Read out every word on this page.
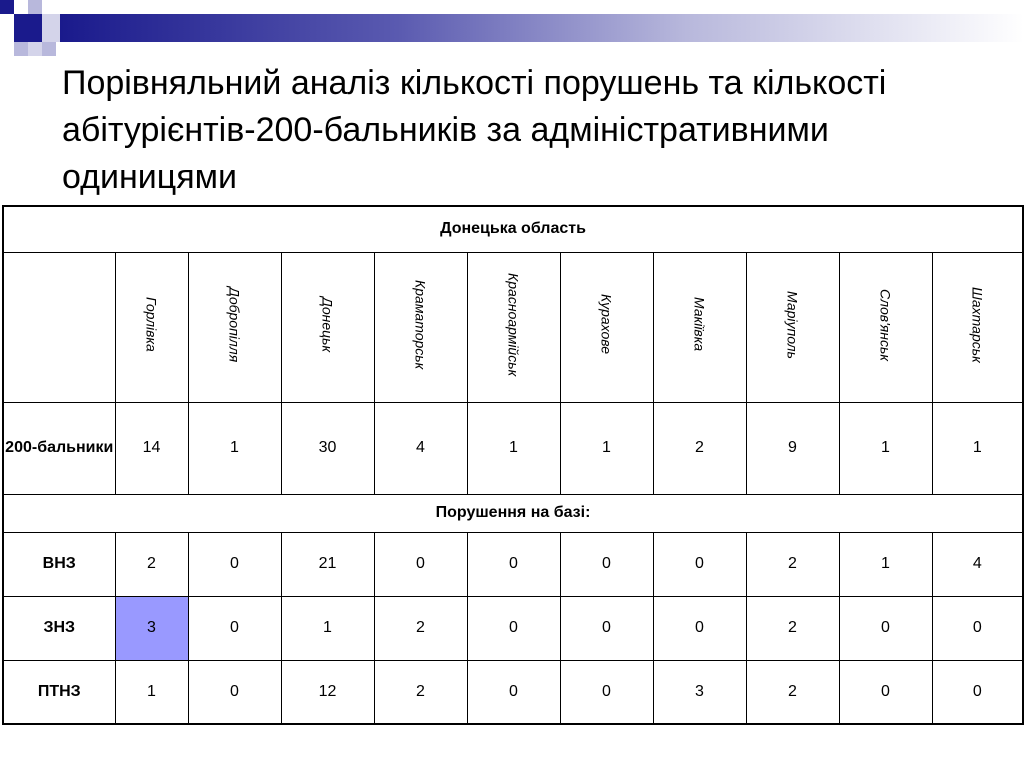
Порівняльний аналіз кількості порушень та кількості абітурієнтів-200-бальників за адміністративними одиницями
Донецька область										
	Горлівка	Добропілля	Донецьк	Краматорськ	Красноармійськ	Курахове	Макіївка	Маріуполь	Слов'янськ	Шахтарськ
200-бальники	14	1	30	4	1	1	2	9	1	1
Порушення на базі:										
ВНЗ	2	0	21	0	0	0	0	2	1	4
ЗНЗ	3	0	1	2	0	0	0	2	0	0
ПТНЗ	1	0	12	2	0	0	3	2	0	0
